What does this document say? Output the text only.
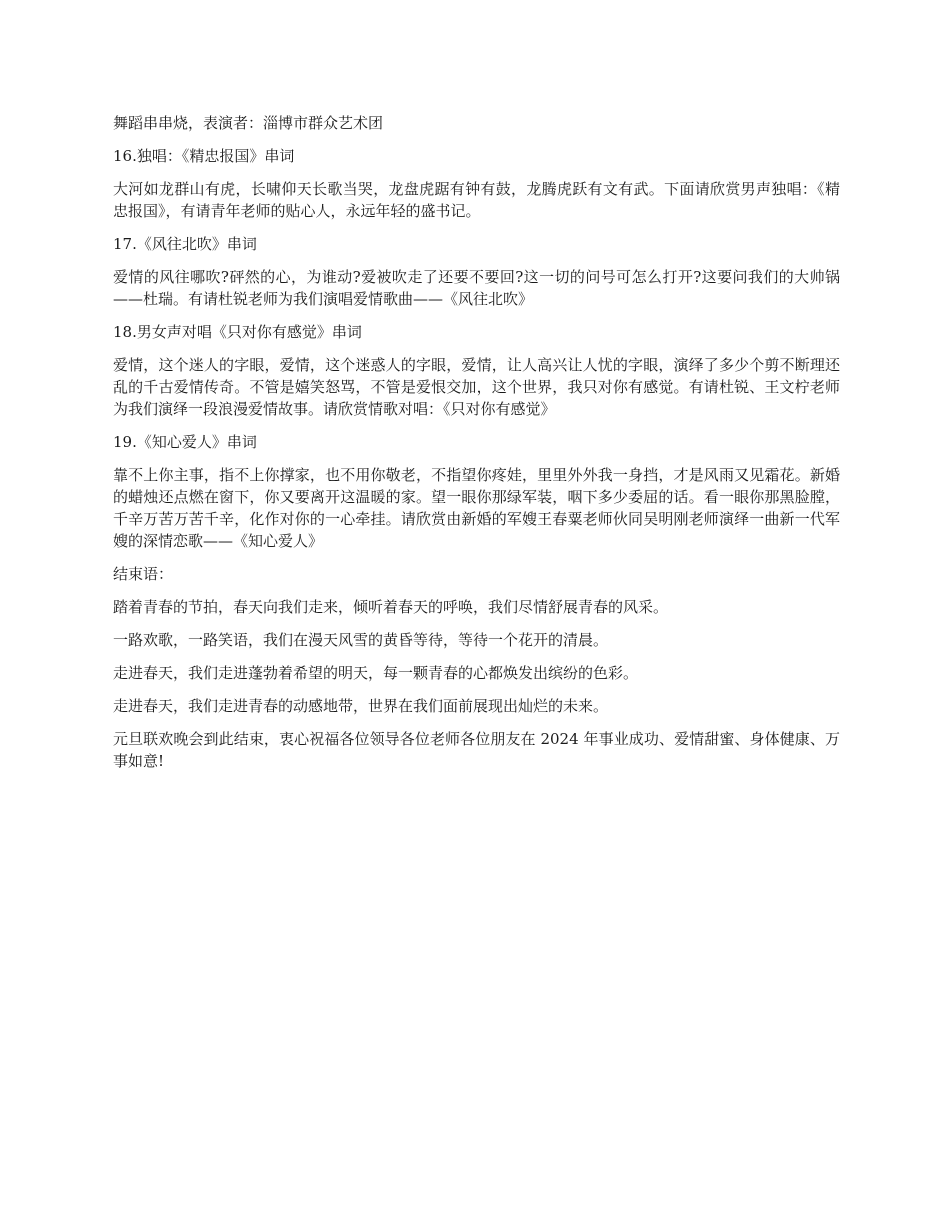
舞蹈串串烧，表演者：淄博市群众艺术团

16.独唱：《精忠报国》串词

大河如龙群山有虎，长啸仰天长歌当哭，龙盘虎踞有钟有鼓，龙腾虎跃有文有武。下面请欣赏男声独唱：《精忠报国》，有请青年老师的贴心人，永远年轻的盛书记。

17.《风往北吹》串词

爱情的风往哪吹?砰然的心，为谁动?爱被吹走了还要不要回?这一切的问号可怎么打开?这要问我们的大帅锅——杜瑞。有请杜锐老师为我们演唱爱情歌曲——《风往北吹》

18.男女声对唱《只对你有感觉》串词

爱情，这个迷人的字眼，爱情，这个迷惑人的字眼，爱情，让人高兴让人忧的字眼，演绎了多少个剪不断理还乱的千古爱情传奇。不管是嬉笑怒骂，不管是爱恨交加，这个世界，我只对你有感觉。有请杜锐、王文柠老师为我们演绎一段浪漫爱情故事。请欣赏情歌对唱：《只对你有感觉》

19.《知心爱人》串词

靠不上你主事，指不上你撑家，也不用你敬老，不指望你疼娃，里里外外我一身挡，才是风雨又见霜花。新婚的蜡烛还点燃在窗下，你又要离开这温暖的家。望一眼你那绿军装，咽下多少委屈的话。看一眼你那黑脸膛，千辛万苦万苦千辛，化作对你的一心牵挂。请欣赏由新婚的军嫂王春粟老师伙同吴明刚老师演绎一曲新一代军嫂的深情恋歌——《知心爱人》

结束语：

踏着青春的节拍，春天向我们走来，倾听着春天的呼唤，我们尽情舒展青春的风采。

一路欢歌，一路笑语，我们在漫天风雪的黄昏等待，等待一个花开的清晨。

走进春天，我们走进蓬勃着希望的明天，每一颗青春的心都焕发出缤纷的色彩。

走进春天，我们走进青春的动感地带，世界在我们面前展现出灿烂的未来。

元旦联欢晚会到此结束，衷心祝福各位领导各位老师各位朋友在 2024 年事业成功、爱情甜蜜、身体健康、万事如意!
